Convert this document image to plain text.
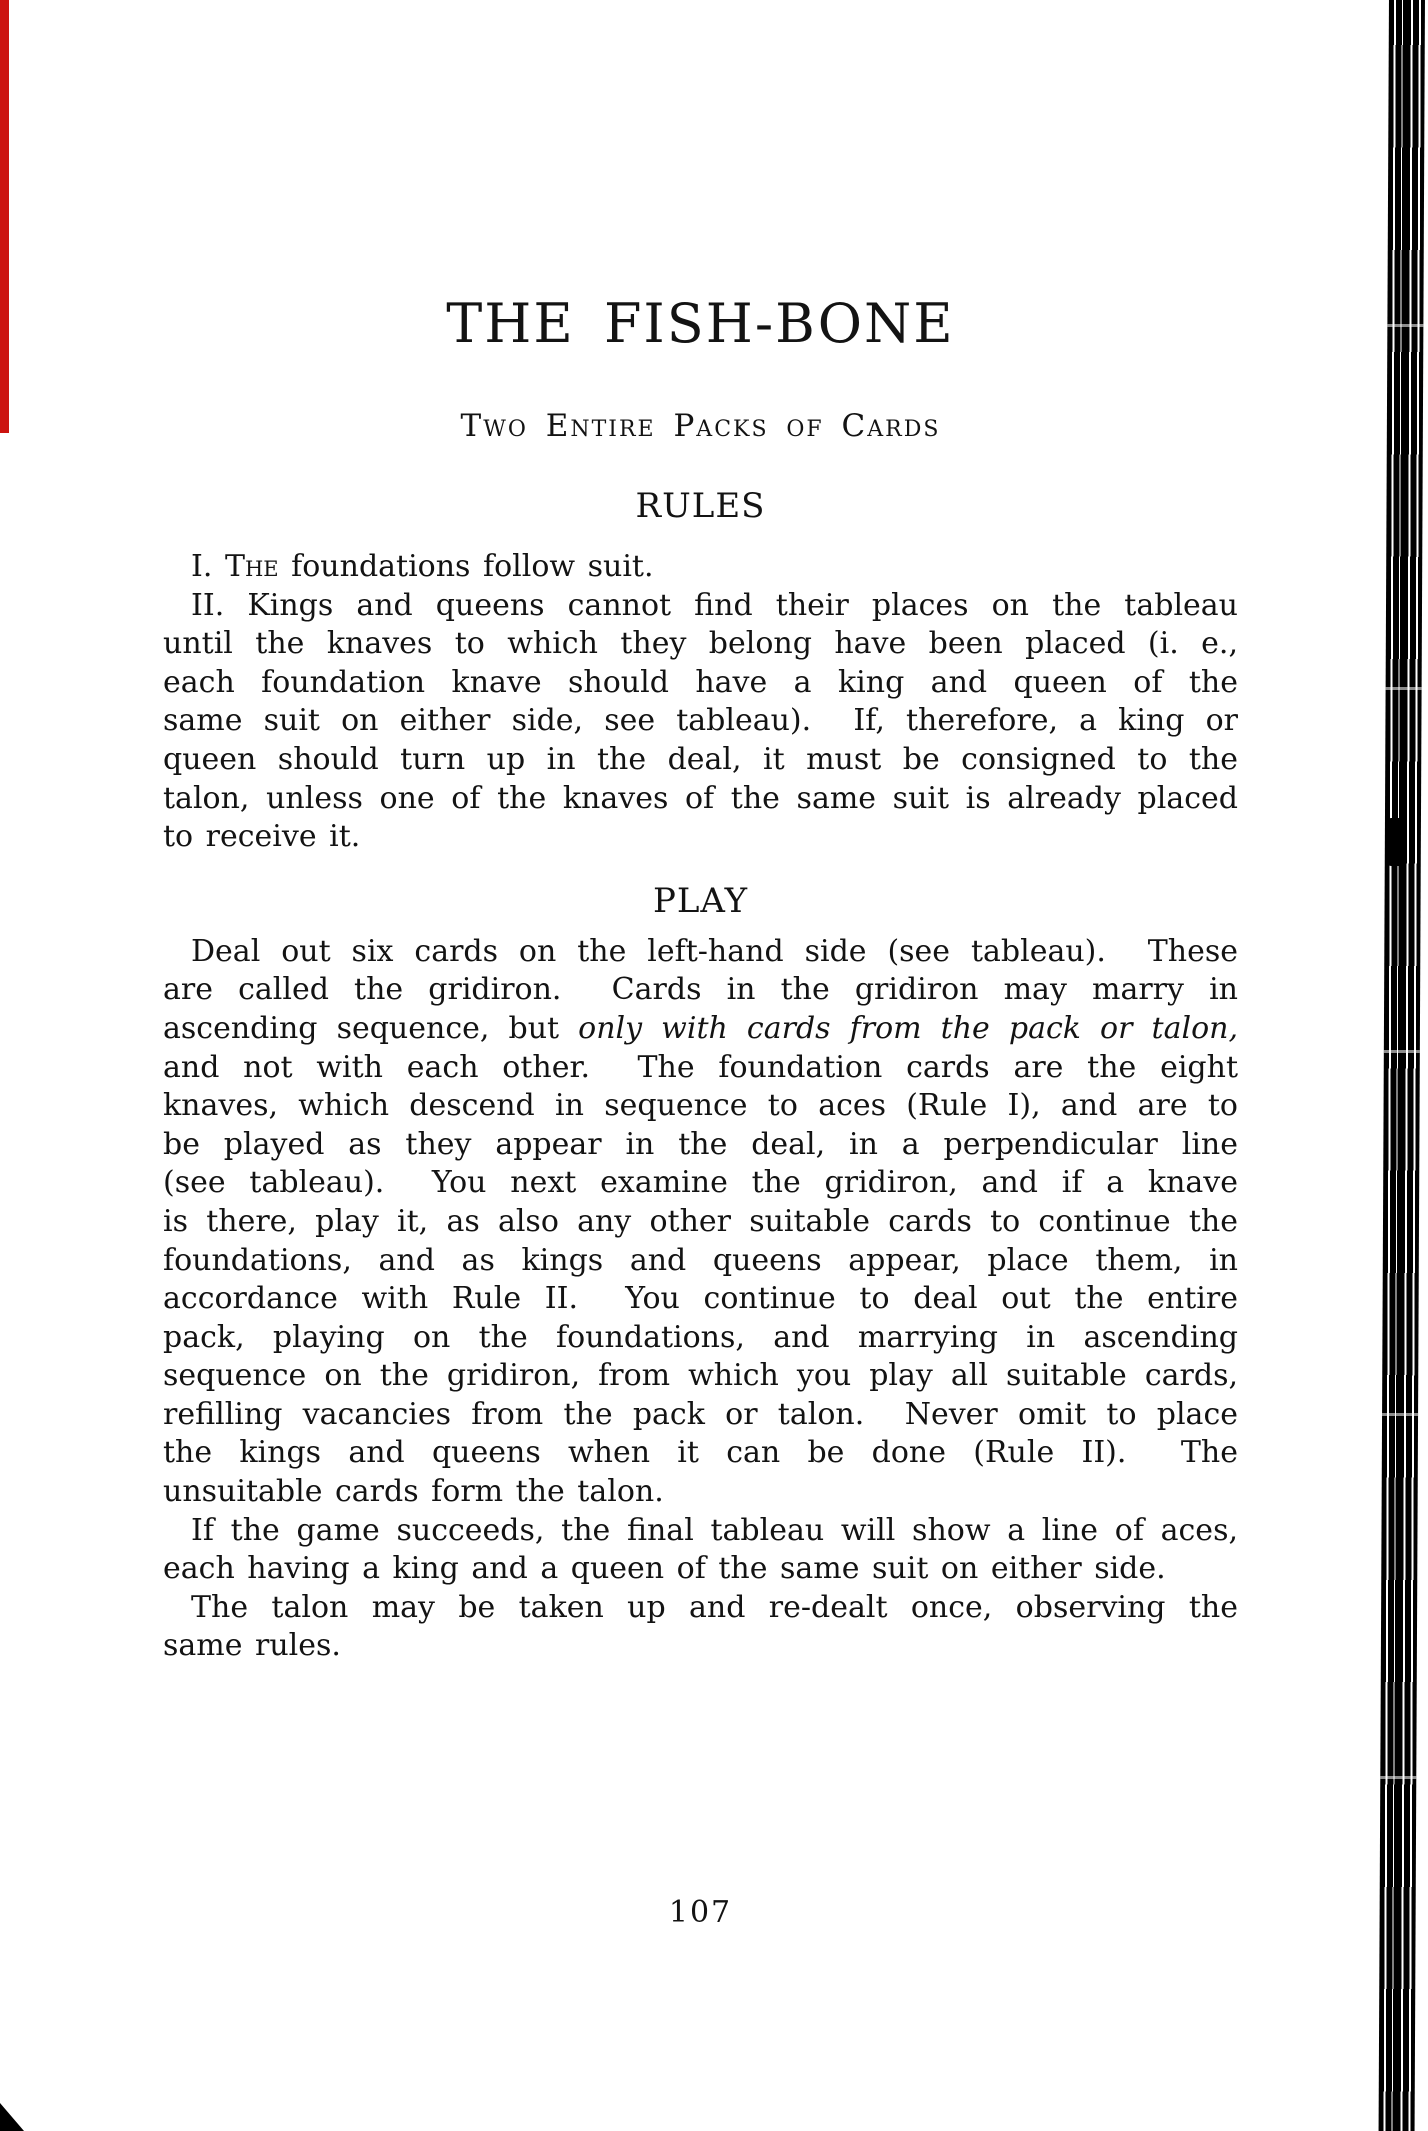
THE FISH-BONE
Two Entire Packs of Cards
RULES
I. The foundations follow suit.
II. Kings and queens cannot find their places on the tableau
until the knaves to which they belong have been placed (i. e.,
each foundation knave should have a king and queen of the
same suit on either side, see tableau).  If, therefore, a king or
queen should turn up in the deal, it must be consigned to the
talon, unless one of the knaves of the same suit is already placed
to receive it.
PLAY
Deal out six cards on the left-hand side (see tableau).  These
are called the gridiron.  Cards in the gridiron may marry in
ascending sequence, but only with cards from the pack or talon,
and not with each other.  The foundation cards are the eight
knaves, which descend in sequence to aces (Rule I), and are to
be played as they appear in the deal, in a perpendicular line
(see tableau).  You next examine the gridiron, and if a knave
is there, play it, as also any other suitable cards to continue the
foundations, and as kings and queens appear, place them, in
accordance with Rule II.  You continue to deal out the entire
pack, playing on the foundations, and marrying in ascending
sequence on the gridiron, from which you play all suitable cards,
refilling vacancies from the pack or talon.  Never omit to place
the kings and queens when it can be done (Rule II).  The
unsuitable cards form the talon.
If the game succeeds, the final tableau will show a line of aces,
each having a king and a queen of the same suit on either side.
The talon may be taken up and re-dealt once, observing the
same rules.
107
